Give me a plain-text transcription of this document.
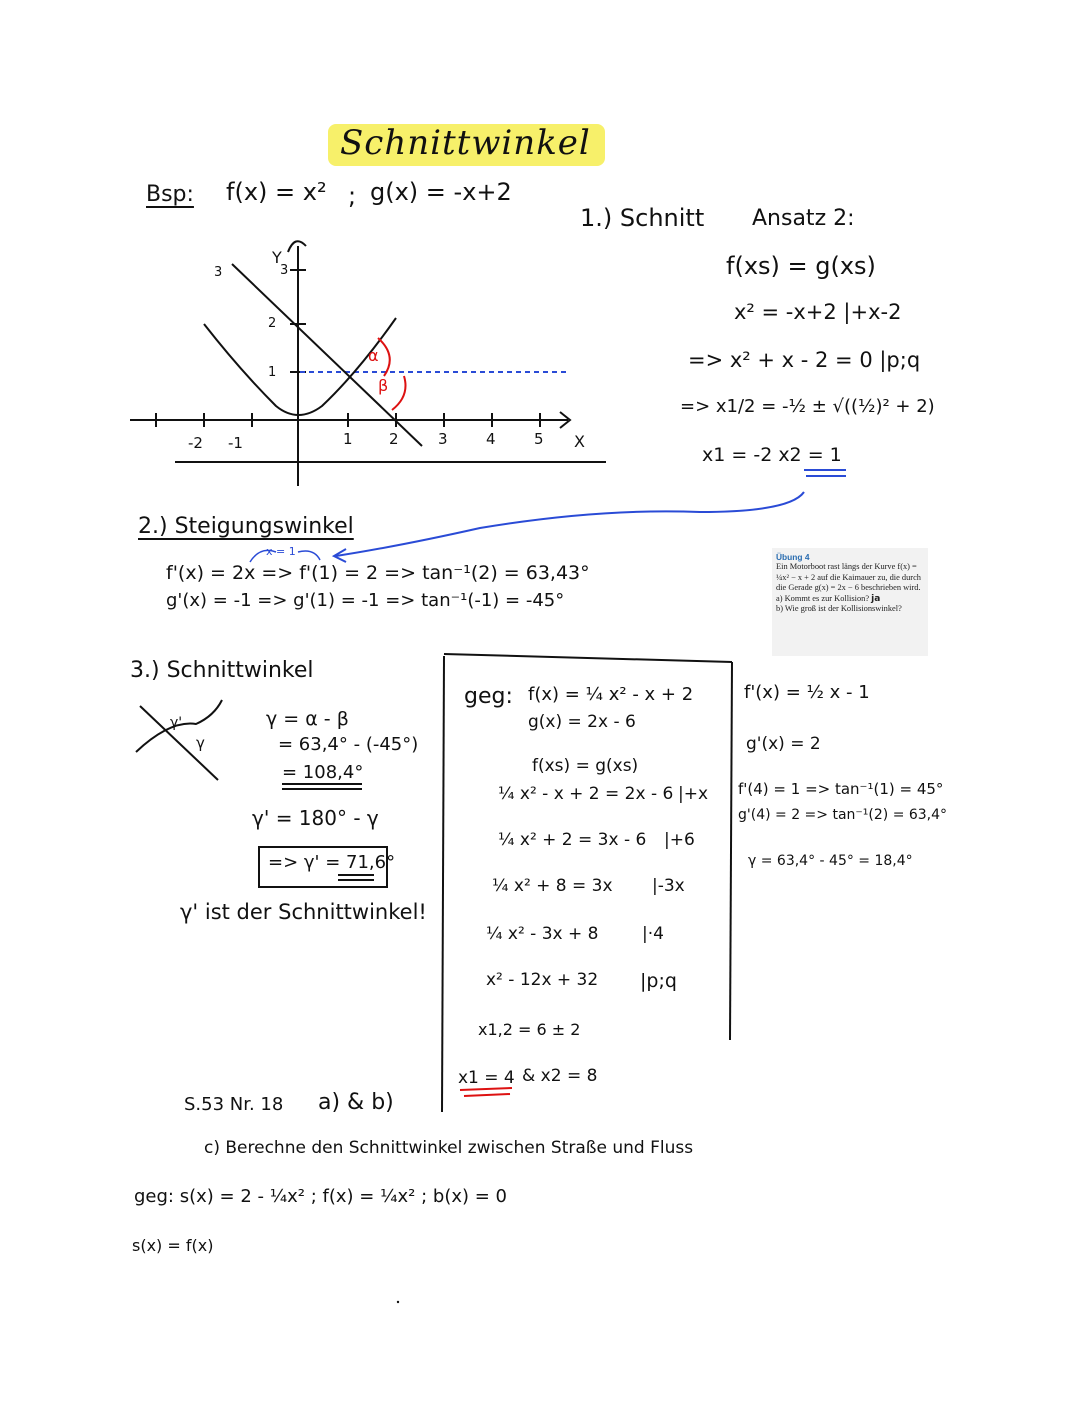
Schnittwinkel
Bsp: f(x) = x² ; g(x) = -x+2
Y
X
3	3
2
1
-2 -1	1 2	3	4	5
α
β
1.) Schnitt Ansatz 2:
f(xs) = g(xs)
x² = -x+2 |+x-2
=> x² + x - 2 = 0 |p;q
=> x1/2 = -½ ± √((½)² + 2)
x1 = -2 x2 = 1
2.) Steigungswinkel
x = 1
f'(x) = 2x => f'(1) = 2 => tan⁻¹(2) = 63,43°
g'(x) = -1 => g'(1) = -1 => tan⁻¹(-1) = -45°
Übung 4
Ein Motorboot rast längs der Kurve f(x) = ¼x² − x + 2 auf die Kaimauer zu, die durch die Gerade g(x) = 2x − 6 beschrieben wird.
a) Kommt es zur Kollision? ja
b) Wie groß ist der Kollisionswinkel?
3.) Schnittwinkel
γ'
γ
γ = α - β
= 63,4° - (-45°)
= 108,4°
γ' = 180° - γ
=> γ' = 71,6°
γ' ist der Schnittwinkel!
geg: f(x) = ¼ x² - x + 2
g(x) = 2x - 6
f(xs) = g(xs)
¼ x² - x + 2 = 2x - 6 |+x
¼ x² + 2 = 3x - 6 |+6
¼ x² + 8 = 3x |-3x
¼ x² - 3x + 8	|·4
x² - 12x + 32 |p;q
x1,2 = 6 ± 2
x1 = 4 & x2 = 8
f'(x) = ½ x - 1
g'(x) = 2
f'(4) = 1 => tan⁻¹(1) = 45°
g'(4) = 2 => tan⁻¹(2) = 63,4°
γ = 63,4° - 45° = 18,4°
S.53 Nr. 18 a) & b)
c) Berechne den Schnittwinkel zwischen Straße und Fluss
geg: s(x) = 2 - ¼x² ; f(x) = ¼x² ; b(x) = 0
s(x) = f(x)
